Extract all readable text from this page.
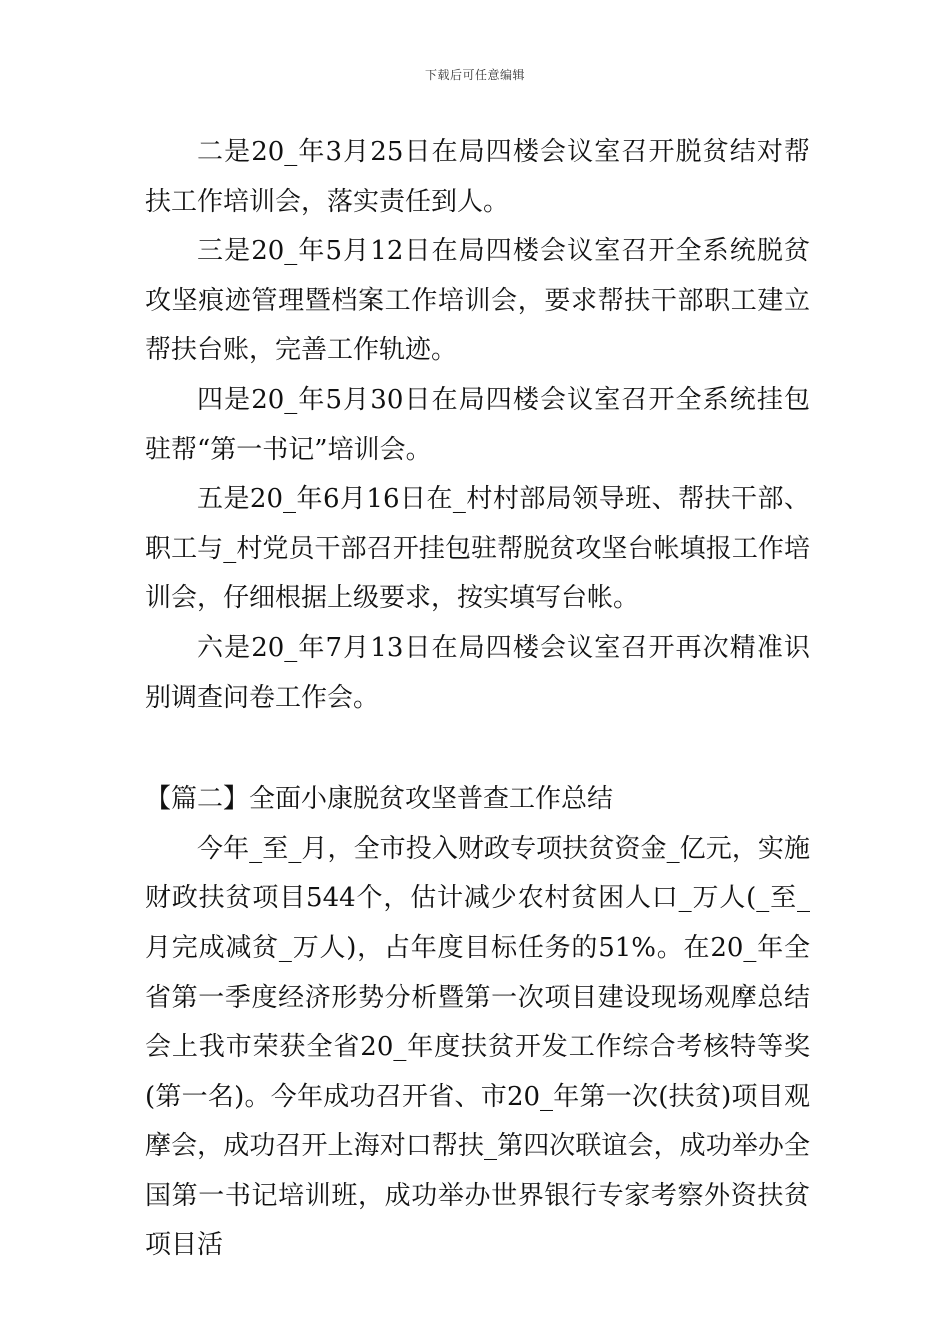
下载后可任意编辑

二是20_年3月25日在局四楼会议室召开脱贫结对帮扶工作培训会，落实责任到人。

三是20_年5月12日在局四楼会议室召开全系统脱贫攻坚痕迹管理暨档案工作培训会，要求帮扶干部职工建立帮扶台账，完善工作轨迹。

四是20_年5月30日在局四楼会议室召开全系统挂包驻帮“第一书记”培训会。

五是20_年6月16日在_村村部局领导班、帮扶干部、职工与_村党员干部召开挂包驻帮脱贫攻坚台帐填报工作培训会，仔细根据上级要求，按实填写台帐。

六是20_年7月13日在局四楼会议室召开再次精准识别调查问卷工作会。

【篇二】全面小康脱贫攻坚普查工作总结

今年_至_月，全市投入财政专项扶贫资金_亿元，实施财政扶贫项目544个，估计减少农村贫困人口_万人(_至_月完成减贫_万人)，占年度目标任务的51%。在20_年全省第一季度经济形势分析暨第一次项目建设现场观摩总结会上我市荣获全省20_年度扶贫开发工作综合考核特等奖(第一名)。今年成功召开省、市20_年第一次(扶贫)项目观摩会，成功召开上海对口帮扶_第四次联谊会，成功举办全国第一书记培训班，成功举办世界银行专家考察外资扶贫项目活
